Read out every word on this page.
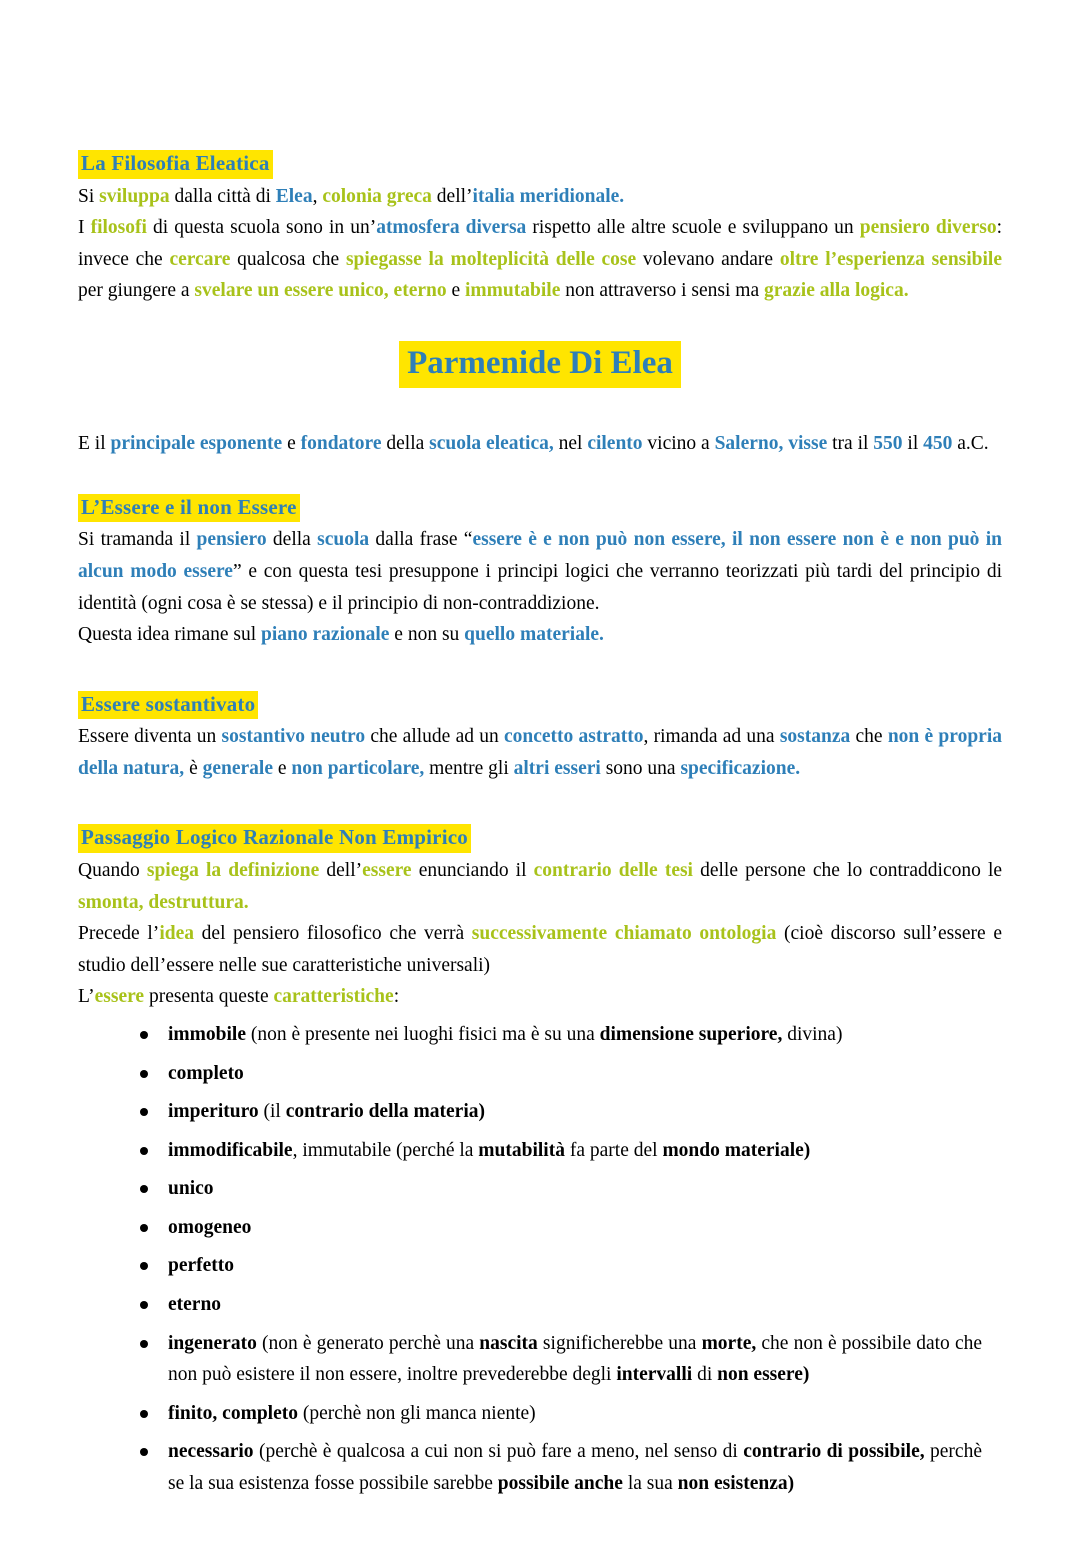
La Filosofia Eleatica

Si sviluppa dalla città di Elea, colonia greca dell’italia meridionale.

I filosofi di questa scuola sono in un’atmosfera diversa rispetto alle altre scuole e sviluppano un pensiero diverso: invece che cercare qualcosa che spiegasse la molteplicità delle cose volevano andare oltre l’esperienza sensibile per giungere a svelare un essere unico, eterno e immutabile non attraverso i sensi ma grazie alla logica.

Parmenide Di Elea

E il principale esponente e fondatore della scuola eleatica, nel cilento vicino a Salerno, visse tra il 550 il 450 a.C.

L’Essere e il non Essere

Si tramanda il pensiero della scuola dalla frase “essere è e non può non essere, il non essere non è e non può in alcun modo essere” e con questa tesi presuppone i principi logici che verranno teorizzati più tardi del principio di identità (ogni cosa è se stessa) e il principio di non-contraddizione.

Questa idea rimane sul piano razionale e non su quello materiale.

Essere sostantivato

Essere diventa un sostantivo neutro che allude ad un concetto astratto, rimanda ad una sostanza che non è propria della natura, è generale e non particolare, mentre gli altri esseri sono una specificazione.

Passaggio Logico Razionale Non Empirico

Quando spiega la definizione dell’essere enunciando il contrario delle tesi delle persone che lo contraddicono le smonta, destruttura.

Precede l’idea del pensiero filosofico che verrà successivamente chiamato ontologia (cioè discorso sull’essere e studio dell’essere nelle sue caratteristiche universali)

L’essere presenta queste caratteristiche:

immobile (non è presente nei luoghi fisici ma è su una dimensione superiore, divina)
completo
imperituro (il contrario della materia)
immodificabile, immutabile (perché la mutabilità fa parte del mondo materiale)
unico
omogeneo
perfetto
eterno
ingenerato (non è generato perchè una nascita significherebbe una morte, che non è possibile dato che non può esistere il non essere, inoltre prevederebbe degli intervalli di non essere)
finito, completo (perchè non gli manca niente)
necessario (perchè è qualcosa a cui non si può fare a meno, nel senso di contrario di possibile, perchè se la sua esistenza fosse possibile sarebbe possibile anche la sua non esistenza)
